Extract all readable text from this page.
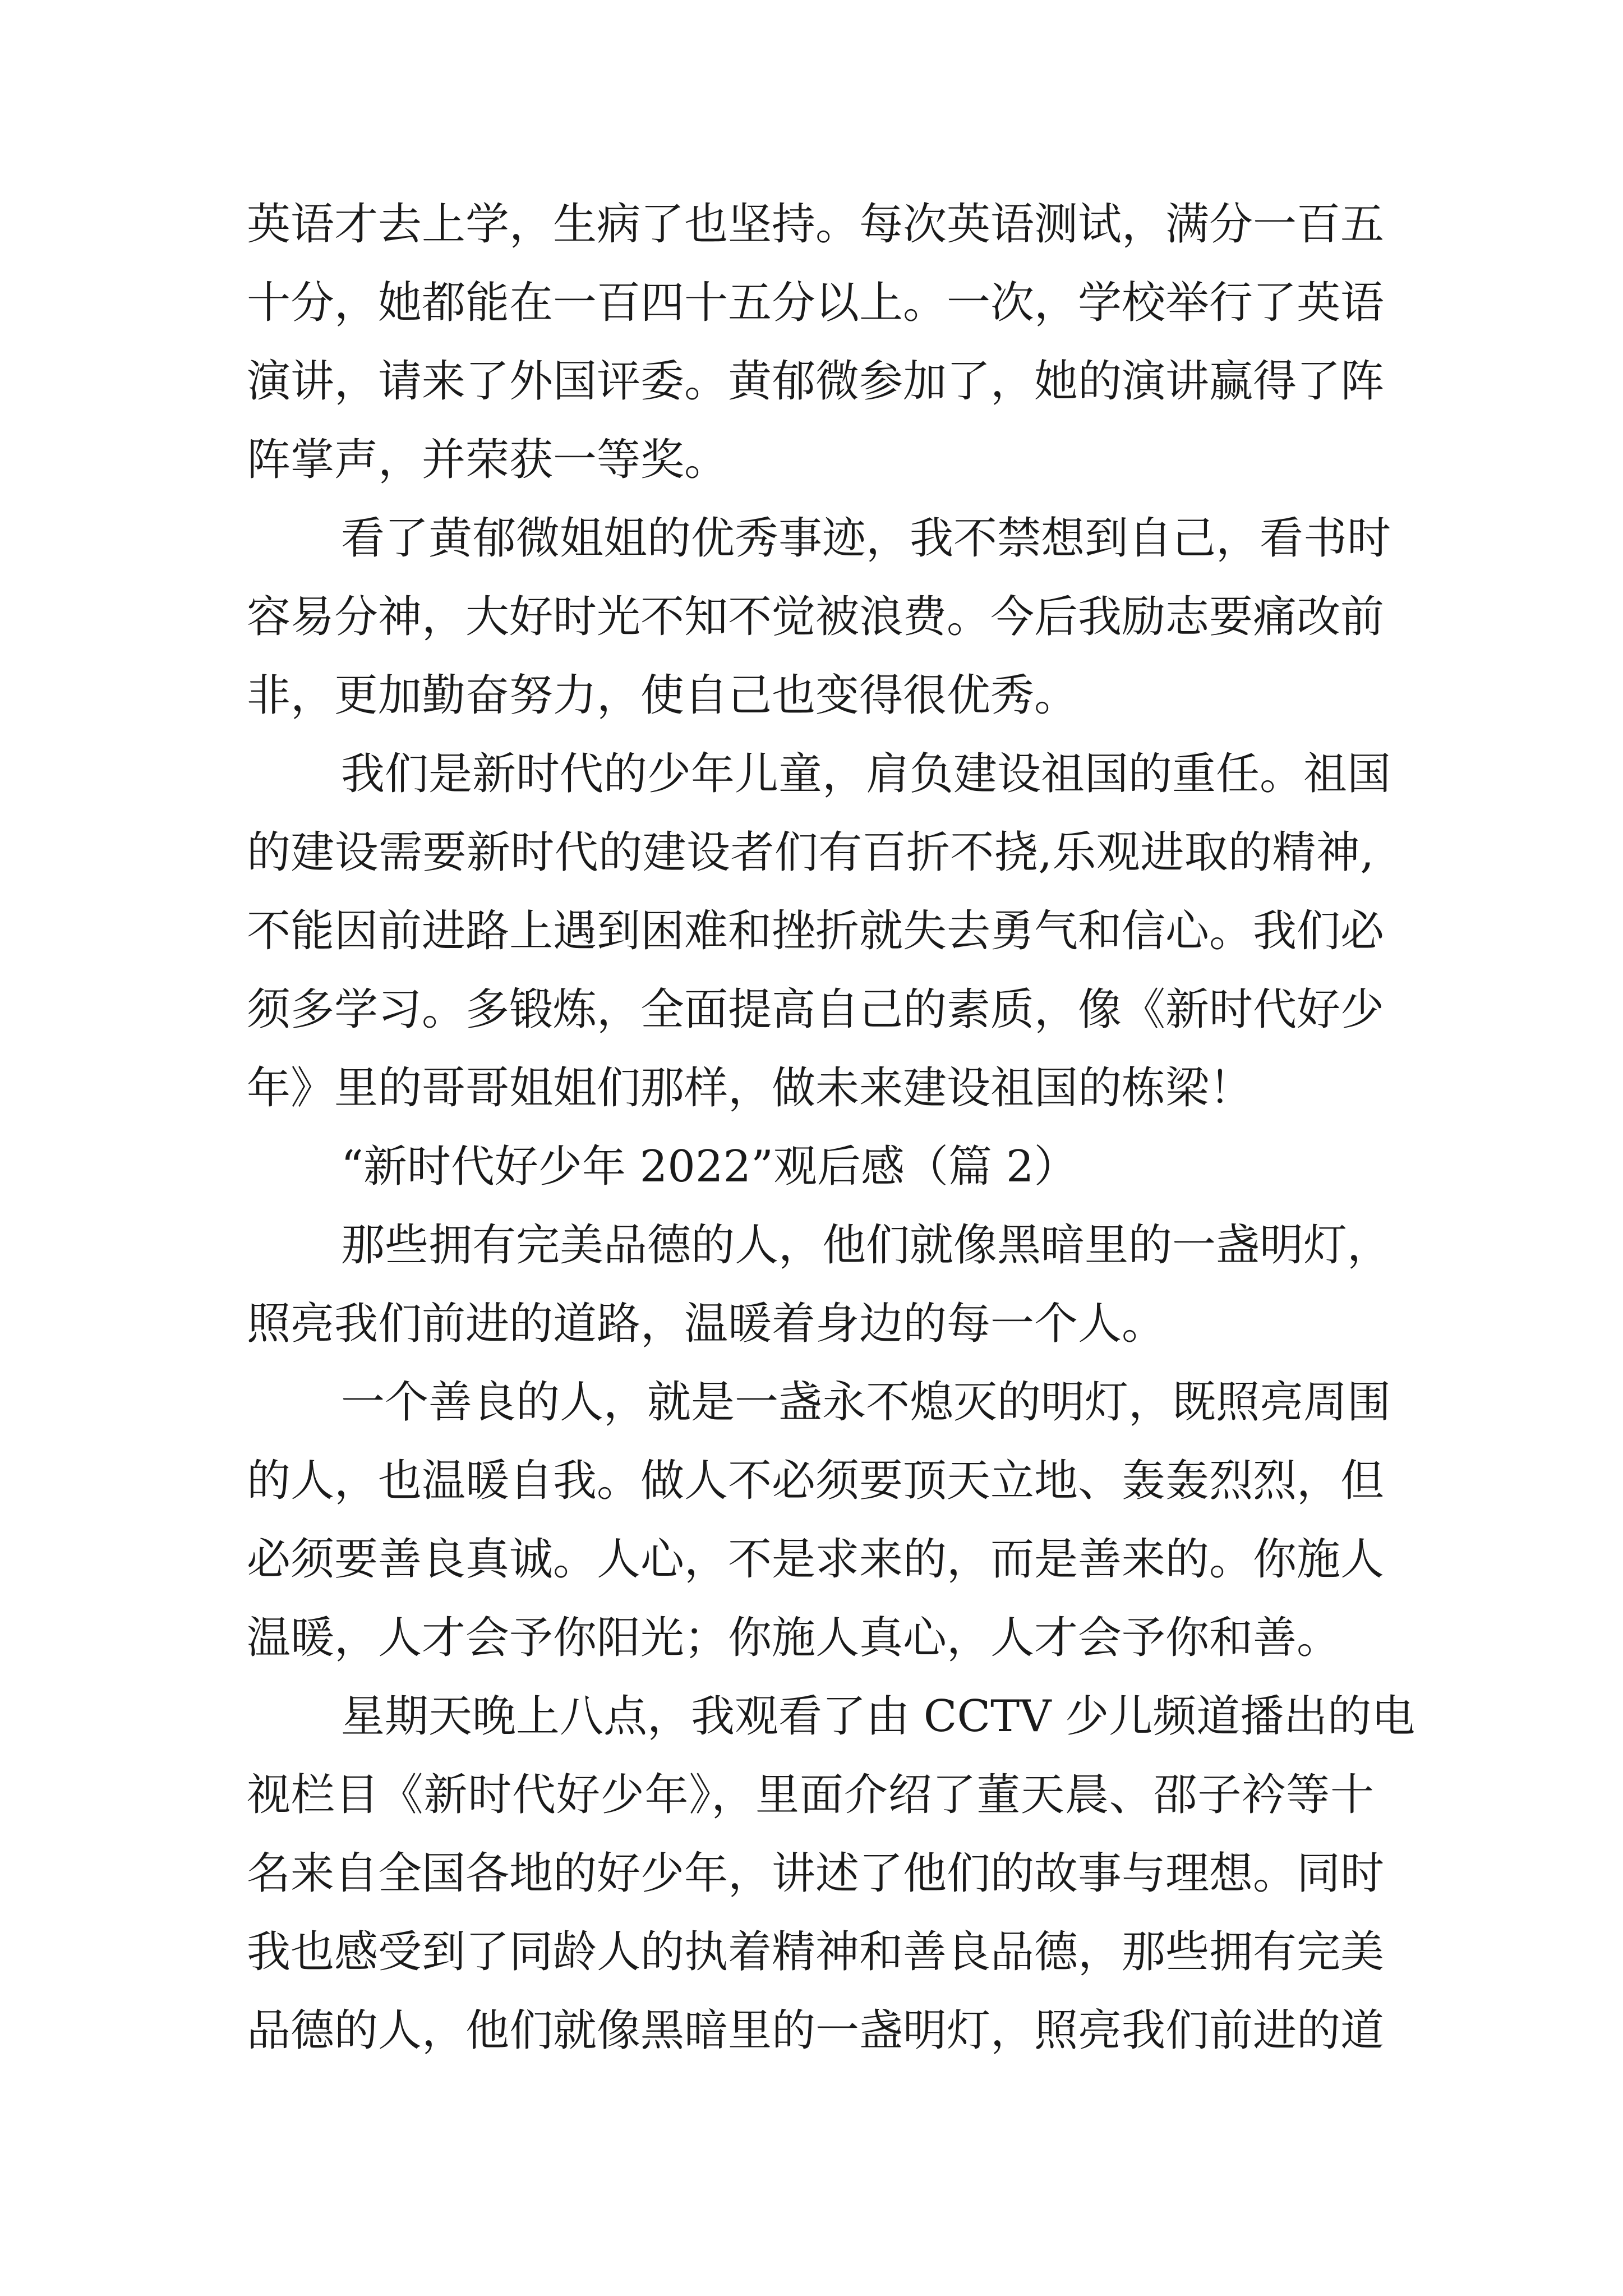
英语才去上学，生病了也坚持。每次英语测试，满分一百五
十分，她都能在一百四十五分以上。一次，学校举行了英语
演讲，请来了外国评委。黄郁微参加了，她的演讲赢得了阵
阵掌声，并荣获一等奖。
看了黄郁微姐姐的优秀事迹，我不禁想到自己，看书时
容易分神，大好时光不知不觉被浪费。今后我励志要痛改前
非，更加勤奋努力，使自己也变得很优秀。
我们是新时代的少年儿童，肩负建设祖国的重任。祖国
的建设需要新时代的建设者们有百折不挠,乐观进取的精神,
不能因前进路上遇到困难和挫折就失去勇气和信心。我们必
须多学习。多锻炼，全面提高自己的素质，像《新时代好少
年》里的哥哥姐姐们那样，做未来建设祖国的栋梁！
“新时代好少年 2022”观后感（篇 2）
那些拥有完美品德的人，他们就像黑暗里的一盏明灯，
照亮我们前进的道路，温暖着身边的每一个人。
一个善良的人，就是一盏永不熄灭的明灯，既照亮周围
的人，也温暖自我。做人不必须要顶天立地、轰轰烈烈，但
必须要善良真诚。人心，不是求来的，而是善来的。你施人
温暖，人才会予你阳光；你施人真心，人才会予你和善。
星期天晚上八点，我观看了由 CCTV 少儿频道播出的电
视栏目《新时代好少年》，里面介绍了董天晨、邵子衿等十
名来自全国各地的好少年，讲述了他们的故事与理想。同时
我也感受到了同龄人的执着精神和善良品德，那些拥有完美
品德的人，他们就像黑暗里的一盏明灯，照亮我们前进的道
